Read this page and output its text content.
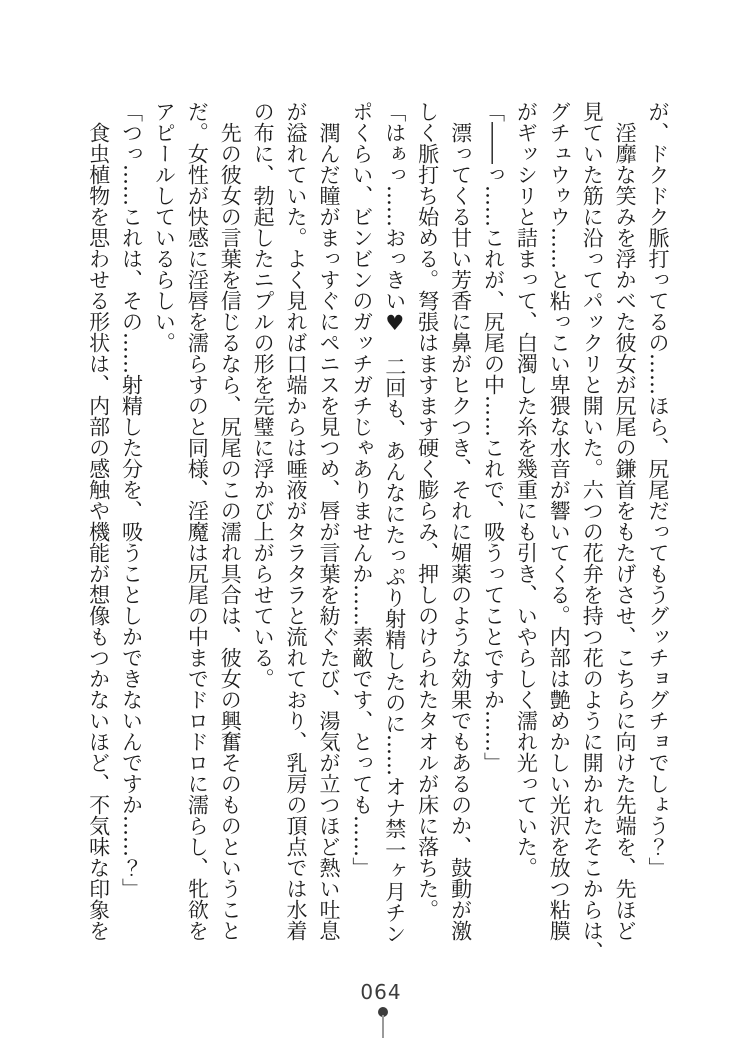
が、ドクドク脈打ってるの……ほら、尻尾だってもうグッチョグチョでしょう？」

　淫靡な笑みを浮かべた彼女が尻尾の鎌首をもたげさせ、こちらに向けた先端を、先ほど

見ていた筋に沿ってパックリと開いた。六つの花弁を持つ花のように開かれたそこからは、

グチュウゥウ……と粘っこい卑猥な水音が響いてくる。内部は艶めかしい光沢を放つ粘膜

がギッシリと詰まって、白濁した糸を幾重にも引き、いやらしく濡れ光っていた。

「――っ……これが、尻尾の中……これで、吸うってことですか……」

　漂ってくる甘い芳香に鼻がヒクつき、それに媚薬のような効果でもあるのか、鼓動が激

しく脈打ち始める。弩張はますます硬く膨らみ、押しのけられたタオルが床に落ちた。

「はぁっ……おっきい♥　二回も、あんなにたっぷり射精したのに……オナ禁一ヶ月チン

ポくらい、ビンビンのガッチガチじゃありませんか……素敵です、とっても……」

　潤んだ瞳がまっすぐにペニスを見つめ、唇が言葉を紡ぐたび、湯気が立つほど熱い吐息

が溢れていた。よく見れば口端からは唾液がタラタラと流れており、乳房の頂点では水着

の布に、勃起したニプルの形を完璧に浮かび上がらせている。

　先の彼女の言葉を信じるなら、尻尾のこの濡れ具合は、彼女の興奮そのものということ

だ。女性が快感に淫唇を濡らすのと同様、淫魔は尻尾の中までドロドロに濡らし、牝欲を

アピールしているらしい。

「つっ……これは、その……射精した分を、吸うことしかできないんですか……？」

　食虫植物を思わせる形状は、内部の感触や機能が想像もつかないほど、不気味な印象を

064
